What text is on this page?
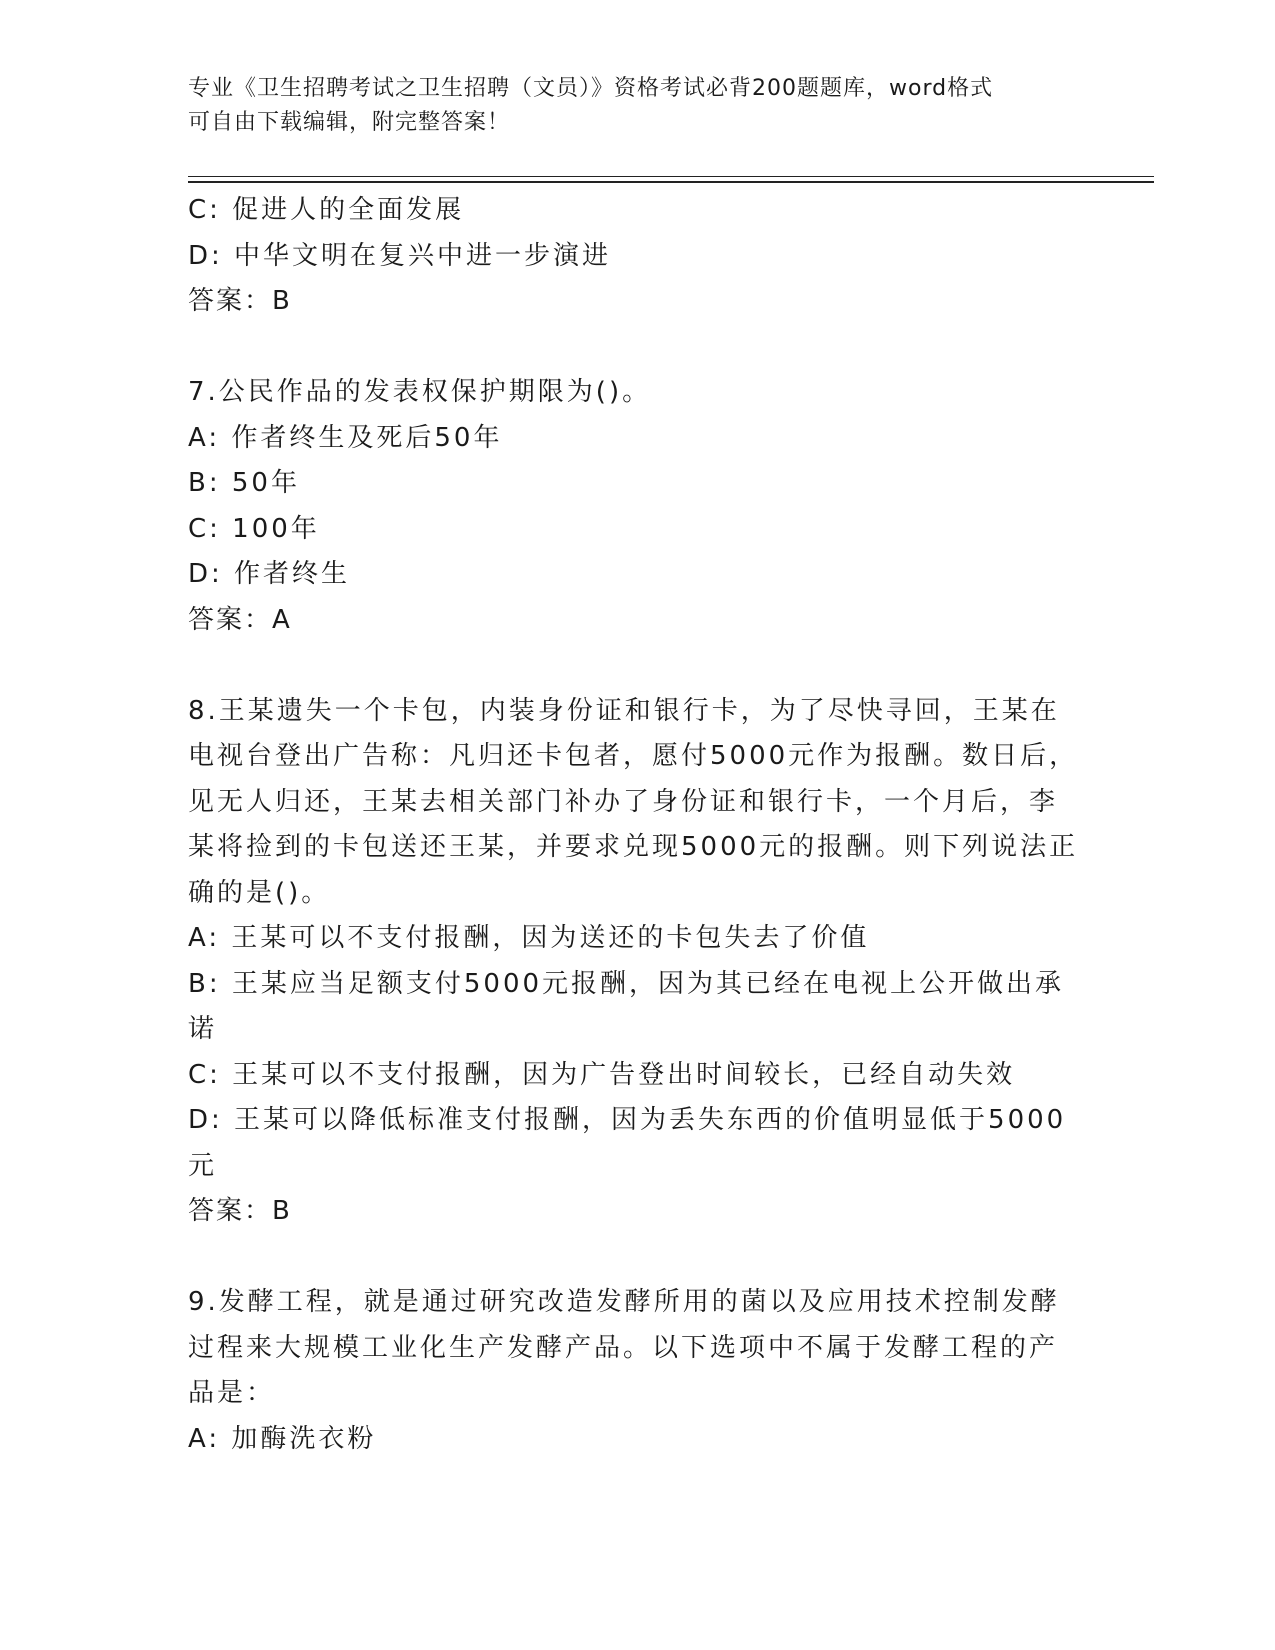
专业《卫生招聘考试之卫生招聘（文员）》资格考试必背200题题库，word格式
可自由下载编辑，附完整答案！
C: 促进人的全面发展
D: 中华文明在复兴中进一步演进
答案：B
7.公民作品的发表权保护期限为()。
A: 作者终生及死后50年
B: 50年
C: 100年
D: 作者终生
答案：A
8.王某遗失一个卡包，内装身份证和银行卡，为了尽快寻回，王某在
电视台登出广告称：凡归还卡包者，愿付5000元作为报酬。数日后，
见无人归还，王某去相关部门补办了身份证和银行卡，一个月后，李
某将捡到的卡包送还王某，并要求兑现5000元的报酬。则下列说法正
确的是()。
A: 王某可以不支付报酬，因为送还的卡包失去了价值
B: 王某应当足额支付5000元报酬，因为其已经在电视上公开做出承
诺
C: 王某可以不支付报酬，因为广告登出时间较长，已经自动失效
D: 王某可以降低标准支付报酬，因为丢失东西的价值明显低于5000
元
答案：B
9.发酵工程，就是通过研究改造发酵所用的菌以及应用技术控制发酵
过程来大规模工业化生产发酵产品。以下选项中不属于发酵工程的产
品是：
A: 加酶洗衣粉
